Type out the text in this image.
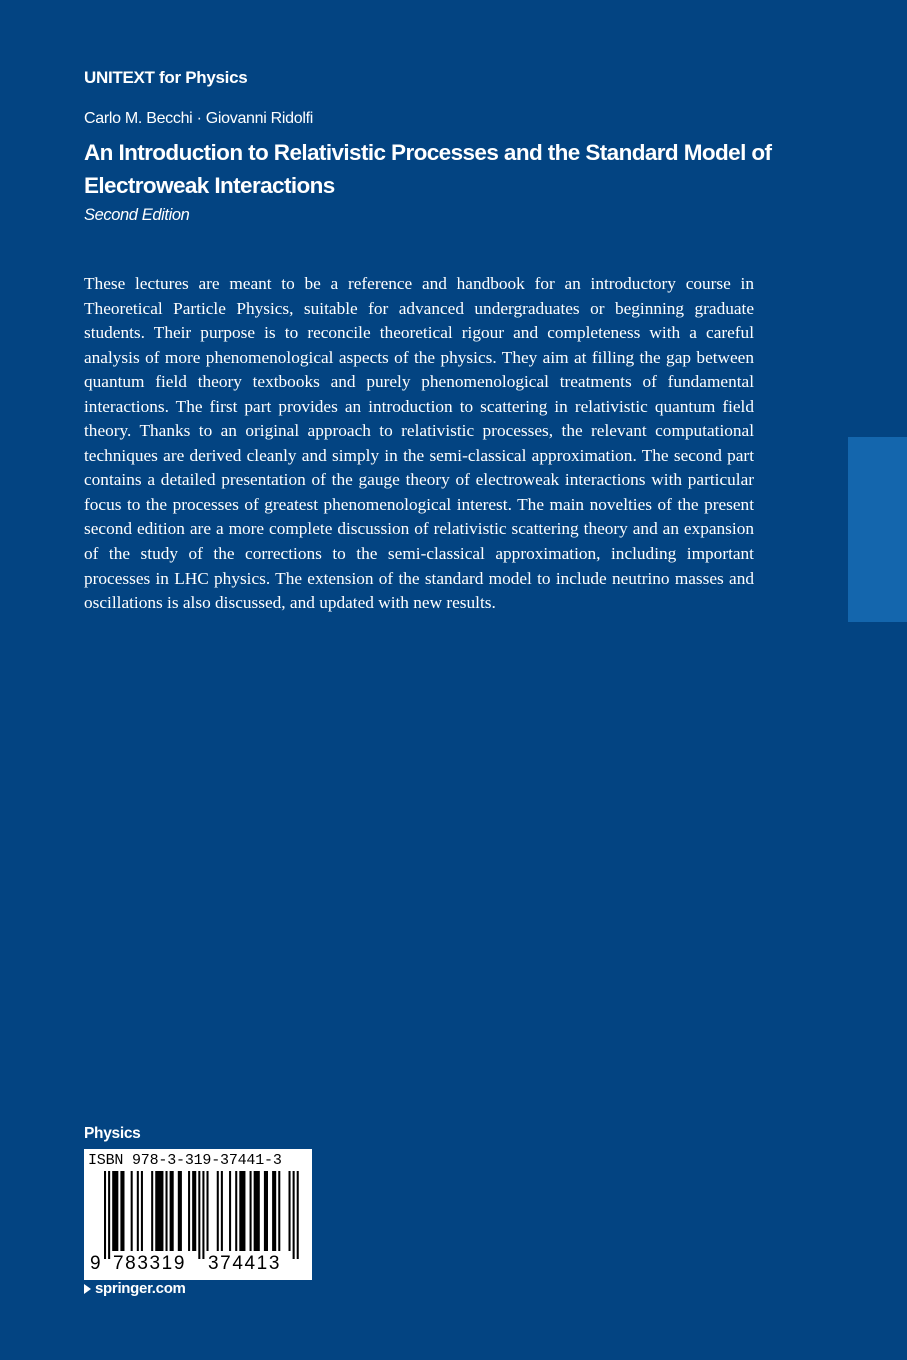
UNITEXT for Physics
Carlo M. Becchi · Giovanni Ridolfi
An Introduction to Relativistic Processes and the Standard Model of Electroweak Interactions
Second Edition

These lectures are meant to be a reference and handbook for an introductory course in Theoretical Particle Physics, suitable for advanced undergraduates or beginning graduate students. Their purpose is to reconcile theoretical rigour and completeness with a careful analysis of more phenomenological aspects of the physics. They aim at filling the gap between quantum field theory textbooks and purely phenomenological treatments of fundamental interactions. The first part provides an introduction to scattering in relativistic quantum field theory. Thanks to an original approach to relativistic processes, the relevant computational techniques are derived cleanly and simply in the semi-classical approximation. The second part contains a detailed presentation of the gauge theory of electroweak interactions with particular focus to the processes of greatest phenomenological interest. The main novelties of the present second edition are a more complete discussion of relativistic scattering theory and an expansion of the study of the corrections to the semi-classical approximation, including important processes in LHC physics. The extension of the standard model to include neutrino masses and oscillations is also discussed, and updated with new results.

Physics
ISBN 978-3-319-37441-3
9 783319 374413
springer.com
